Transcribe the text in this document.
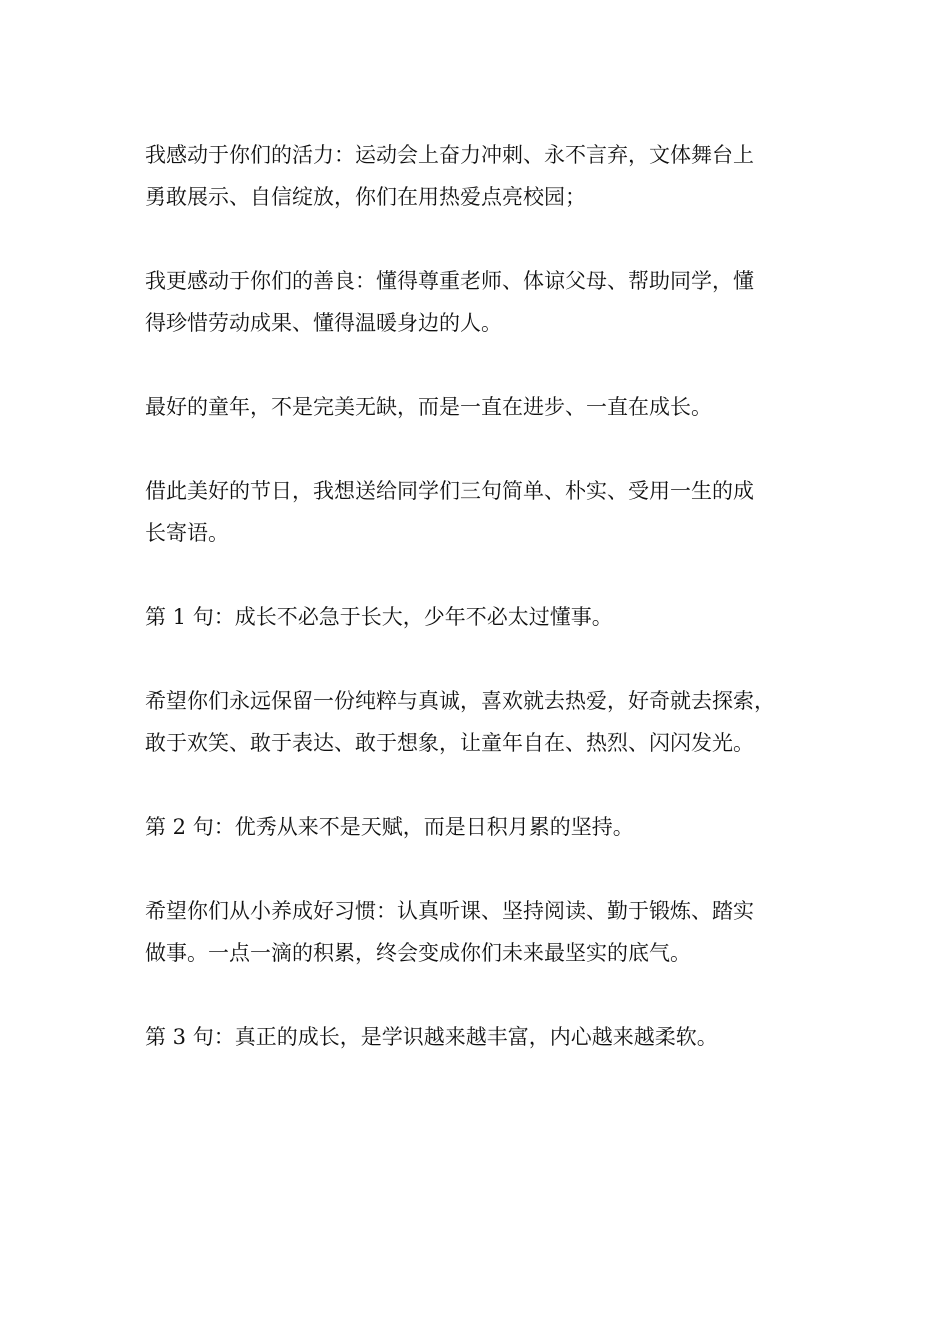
我感动于你们的活力：运动会上奋力冲刺、永不言弃，文体舞台上
勇敢展示、自信绽放，你们在用热爱点亮校园；

我更感动于你们的善良：懂得尊重老师、体谅父母、帮助同学，懂
得珍惜劳动成果、懂得温暖身边的人。

最好的童年，不是完美无缺，而是一直在进步、一直在成长。

借此美好的节日，我想送给同学们三句简单、朴实、受用一生的成
长寄语。

第 1 句：成长不必急于长大，少年不必太过懂事。

希望你们永远保留一份纯粹与真诚，喜欢就去热爱，好奇就去探索，
敢于欢笑、敢于表达、敢于想象，让童年自在、热烈、闪闪发光。

第 2 句：优秀从来不是天赋，而是日积月累的坚持。

希望你们从小养成好习惯：认真听课、坚持阅读、勤于锻炼、踏实
做事。一点一滴的积累，终会变成你们未来最坚实的底气。

第 3 句：真正的成长，是学识越来越丰富，内心越来越柔软。
